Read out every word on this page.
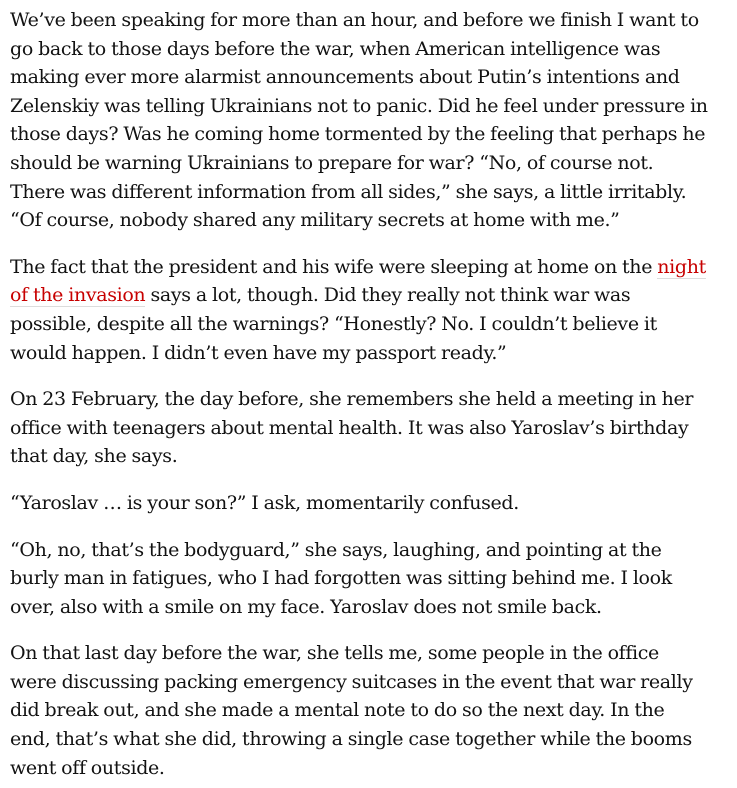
We’ve been speaking for more than an hour, and before we finish I want to go back to those days before the war, when American intelligence was making ever more alarmist announcements about Putin’s intentions and Zelenskiy was telling Ukrainians not to panic. Did he feel under pressure in those days? Was he coming home tormented by the feeling that perhaps he should be warning Ukrainians to prepare for war? “No, of course not. There was different information from all sides,” she says, a little irritably. “Of course, nobody shared any military secrets at home with me.”

The fact that the president and his wife were sleeping at home on the night of the invasion says a lot, though. Did they really not think war was possible, despite all the warnings? “Honestly? No. I couldn’t believe it would happen. I didn’t even have my passport ready.”

On 23 February, the day before, she remembers she held a meeting in her office with teenagers about mental health. It was also Yaroslav’s birthday that day, she says.

“Yaroslav … is your son?” I ask, momentarily confused.

“Oh, no, that’s the bodyguard,” she says, laughing, and pointing at the burly man in fatigues, who I had forgotten was sitting behind me. I look over, also with a smile on my face. Yaroslav does not smile back.

On that last day before the war, she tells me, some people in the office were discussing packing emergency suitcases in the event that war really did break out, and she made a mental note to do so the next day. In the end, that’s what she did, throwing a single case together while the booms went off outside.
